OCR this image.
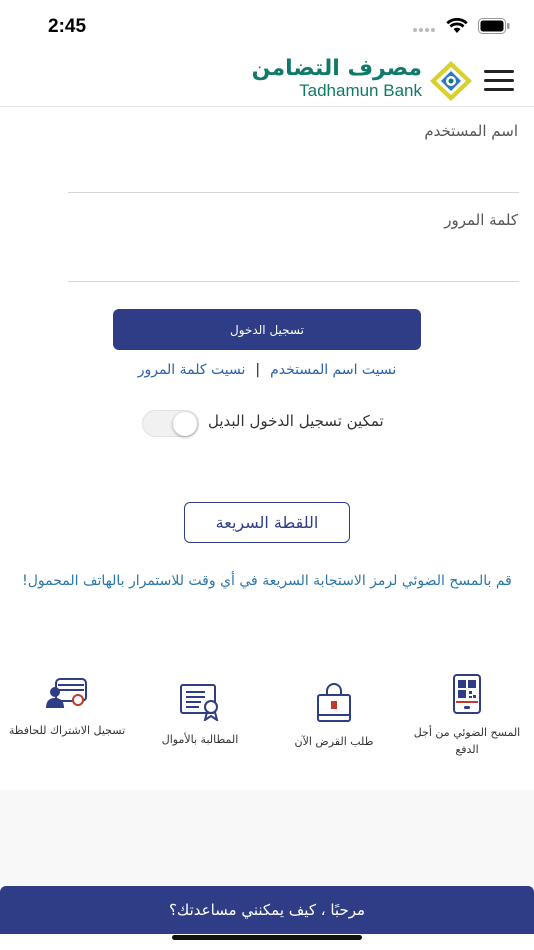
2:45
مصرف التضامن
Tadhamun Bank
اسم المستخدم
كلمة المرور
تسجيل الدخول
نسيت اسم المستخدم|نسيت كلمة المرور
تمكين تسجيل الدخول البديل
اللقطة السريعة
قم بالمسح الضوئي لرمز الاستجابة السريعة في أي وقت للاستمرار بالهاتف المحمول!
تسجيل الاشتراك للحافظة
المطالبة بالأموال	طلب القرض الآن
المسح الضوئي من أجل الدفع
مرحبًا ، كيف يمكنني مساعدتك؟
